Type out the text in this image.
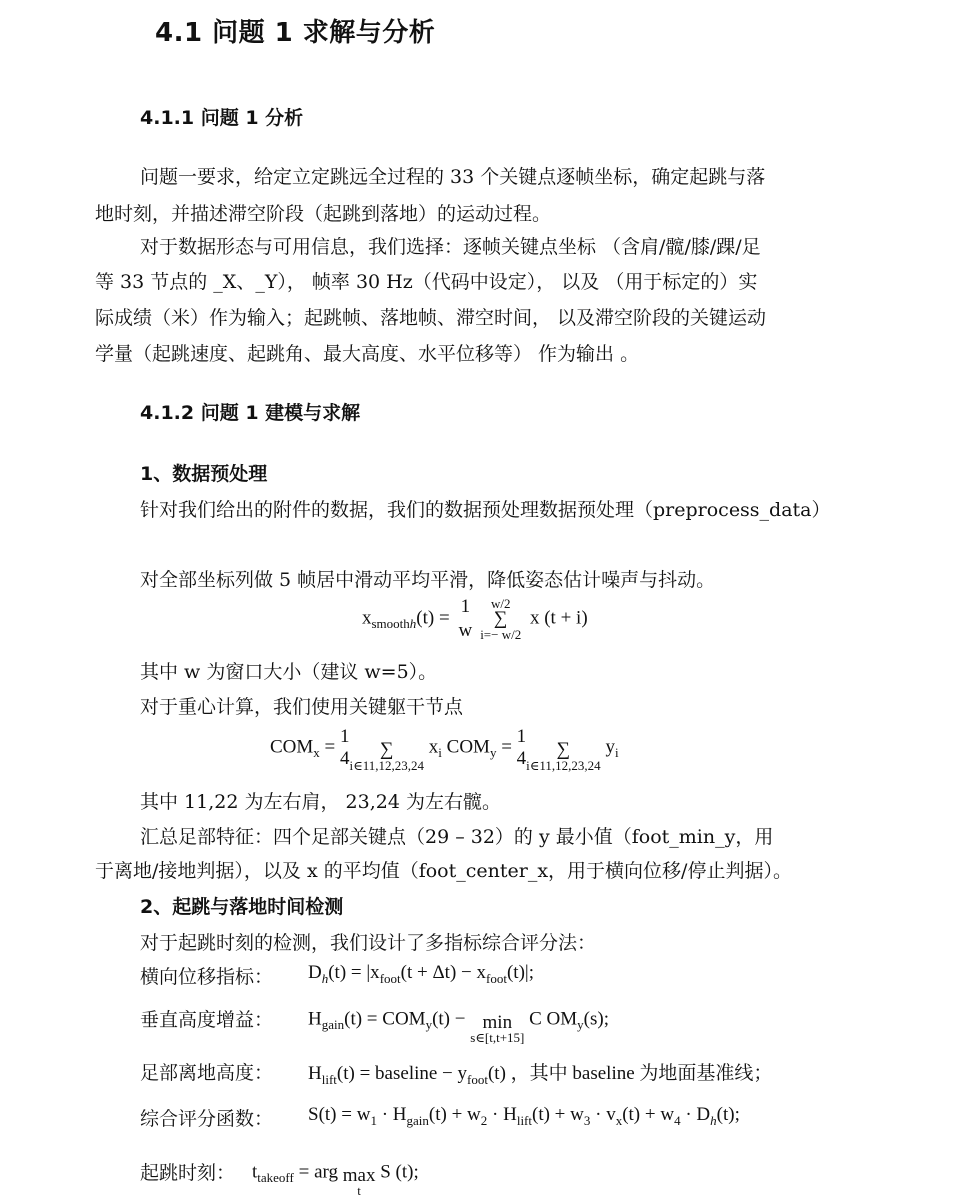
4.1 问题 1 求解与分析
4.1.1 问题 1 分析
问题一要求，给定立定跳远全过程的 33 个关键点逐帧坐标，确定起跳与落
地时刻，并描述滞空阶段（起跳到落地）的运动过程。
对于数据形态与可用信息，我们选择：逐帧关键点坐标 （含肩/髋/膝/踝/足
等 33 节点的 _X、_Y）， 帧率 30 Hz（代码中设定）， 以及 （用于标定的）实
际成绩（米）作为输入；起跳帧、落地帧、滞空时间， 以及滞空阶段的关键运动
学量（起跳速度、起跳角、最大高度、水平位移等） 作为输出 。
4.1.2 问题 1 建模与求解
1、数据预处理
针对我们给出的附件的数据，我们的数据预处理数据预处理（preprocess_data）
对全部坐标列做 5 帧居中滑动平均平滑，降低姿态估计噪声与抖动。
$x_{smoothh}(t)$ =
1
w
w/2
∑
i=− w/2
x (t + i)
其中 w 为窗口大小（建议 w=5）。
对于重心计算，我们使用关键躯干节点
$COM_x = 1$
4	∑
i∈11,12,23,24
$x_i$ $COM_y = 1$
4	∑
i∈11,12,23,24
$y_i$
其中 11,22 为左右肩， 23,24 为左右髋。
汇总足部特征：四个足部关键点（29 – 32）的 y 最小值（foot_min_y，用
于离地/接地判据），以及 x 的平均值（foot_center_x，用于横向位移/停止判据）。
2、起跳与落地时间检测
对于起跳时刻的检测，我们设计了多指标综合评分法：
横向位移指标： $D_h(t) = |x_{foot}(t + \Delta t) - x_{foot}(t)|$;
垂直高度增益： $H_{gain}(t) = COM_y(t) - \min$
s∈[t,t+15]
C $OM_y(s)$;
足部离地高度： $H_{lift}(t)$ = baseline − $y_{foot}(t)$ ，其中 baseline 为地面基准线；
综合评分函数： $S(t) = w_1 \cdot H_{gain}(t) + w_2 \cdot H_{lift}(t) + w_3 \cdot v_x(t) + w_4 \cdot D_h(t)$;
起跳时刻： $t_{takeoff}$ = arg max
t
S (t);
